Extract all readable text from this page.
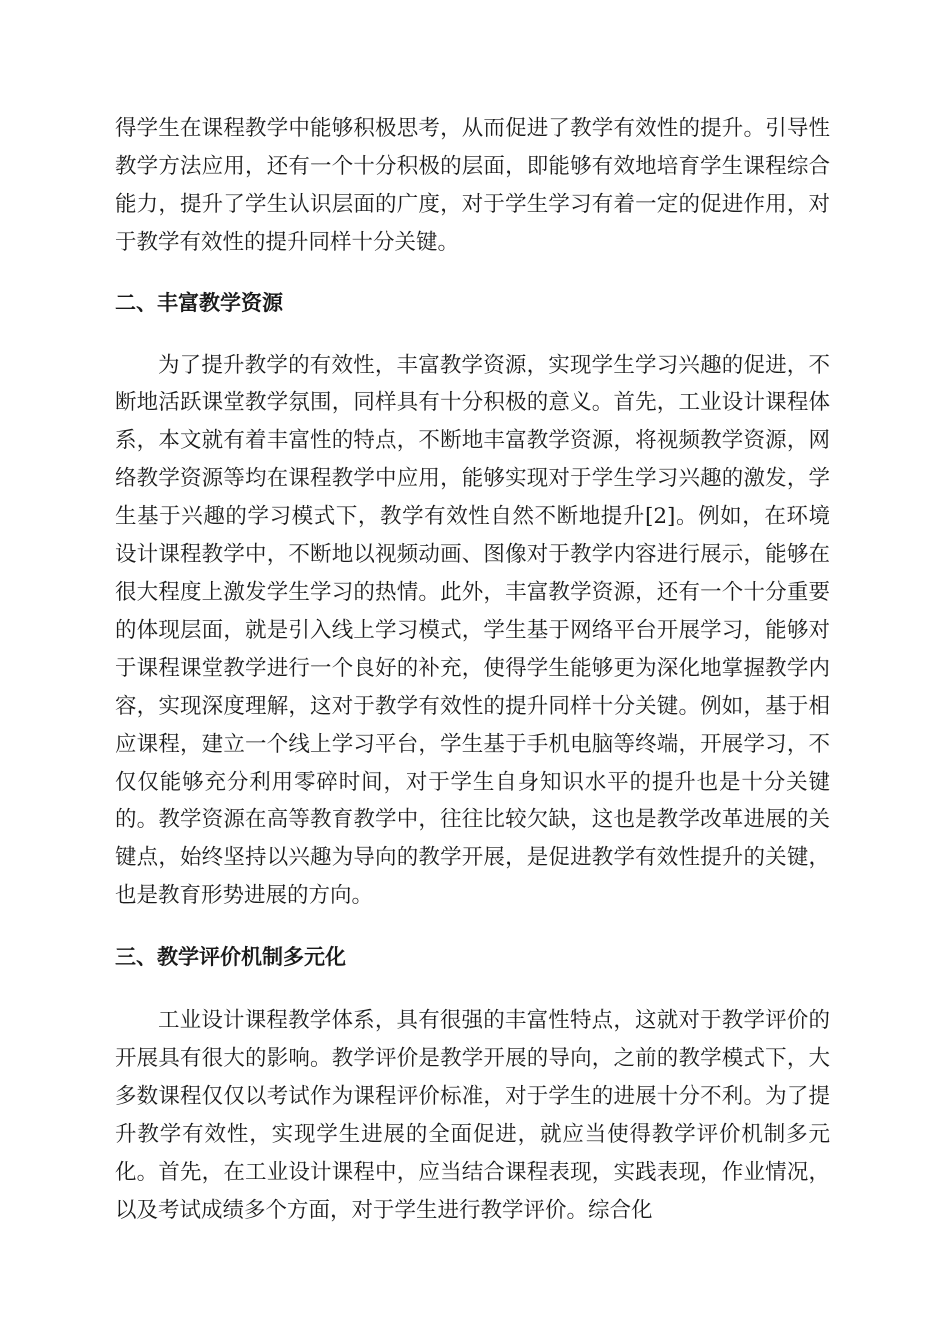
得学生在课程教学中能够积极思考，从而促进了教学有效性的提升。引导性教学方法应用，还有一个十分积极的层面，即能够有效地培育学生课程综合能力，提升了学生认识层面的广度，对于学生学习有着一定的促进作用，对于教学有效性的提升同样十分关键。

二、丰富教学资源

为了提升教学的有效性，丰富教学资源，实现学生学习兴趣的促进，不断地活跃课堂教学氛围，同样具有十分积极的意义。首先，工业设计课程体系，本文就有着丰富性的特点，不断地丰富教学资源，将视频教学资源，网络教学资源等均在课程教学中应用，能够实现对于学生学习兴趣的激发，学生基于兴趣的学习模式下，教学有效性自然不断地提升[2]。例如，在环境设计课程教学中，不断地以视频动画、图像对于教学内容进行展示，能够在很大程度上激发学生学习的热情。此外，丰富教学资源，还有一个十分重要的体现层面，就是引入线上学习模式，学生基于网络平台开展学习，能够对于课程课堂教学进行一个良好的补充，使得学生能够更为深化地掌握教学内容，实现深度理解，这对于教学有效性的提升同样十分关键。例如，基于相应课程，建立一个线上学习平台，学生基于手机电脑等终端，开展学习，不仅仅能够充分利用零碎时间，对于学生自身知识水平的提升也是十分关键的。教学资源在高等教育教学中，往往比较欠缺，这也是教学改革进展的关键点，始终坚持以兴趣为导向的教学开展，是促进教学有效性提升的关键，也是教育形势进展的方向。

三、教学评价机制多元化

工业设计课程教学体系，具有很强的丰富性特点，这就对于教学评价的开展具有很大的影响。教学评价是教学开展的导向，之前的教学模式下，大多数课程仅仅以考试作为课程评价标准，对于学生的进展十分不利。为了提升教学有效性，实现学生进展的全面促进，就应当使得教学评价机制多元化。首先，在工业设计课程中，应当结合课程表现，实践表现，作业情况，以及考试成绩多个方面，对于学生进行教学评价。综合化
